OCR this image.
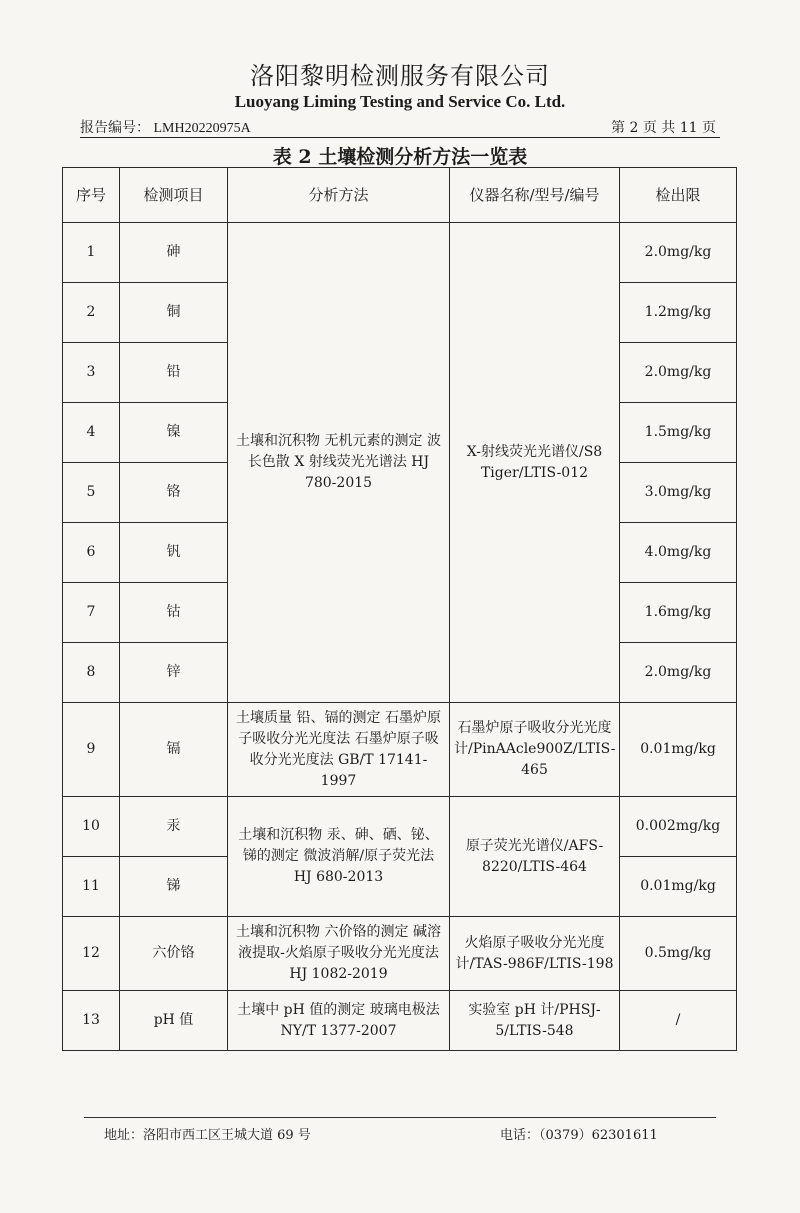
洛阳黎明检测服务有限公司
Luoyang Liming Testing and Service Co. Ltd.
报告编号： LMH20220975A	第 2 页 共 11 页
表 2 土壤检测分析方法一览表
序号	检测项目	分析方法	仪器名称/型号/编号	检出限
1	砷	土壤和沉积物 无机元素的测定 波长色散 X 射线荧光光谱法 HJ 780-2015	X-射线荧光光谱仪/S8 Tiger/LTIS-012	2.0mg/kg
2	铜			1.2mg/kg
3	铅			2.0mg/kg
4	镍			1.5mg/kg
5	铬			3.0mg/kg
6	钒			4.0mg/kg
7	钴			1.6mg/kg
8	锌			2.0mg/kg
9	镉	土壤质量 铅、镉的测定 石墨炉原子吸收分光光度法 石墨炉原子吸收分光光度法 GB/T 17141-1997	石墨炉原子吸收分光光度计/PinAAcle900Z/LTIS-465	0.01mg/kg
10	汞	土壤和沉积物 汞、砷、硒、铋、锑的测定 微波消解/原子荧光法 HJ 680-2013	原子荧光光谱仪/AFS-8220/LTIS-464	0.002mg/kg
11	锑			0.01mg/kg
12	六价铬	土壤和沉积物 六价铬的测定 碱溶液提取-火焰原子吸收分光光度法 HJ 1082-2019	火焰原子吸收分光光度计/TAS-986F/LTIS-198	0.5mg/kg
13	pH 值	土壤中 pH 值的测定 玻璃电极法 NY/T 1377-2007	实验室 pH 计/PHSJ-5/LTIS-548	/
地址：洛阳市西工区王城大道 69 号	电话：（0379）62301611
